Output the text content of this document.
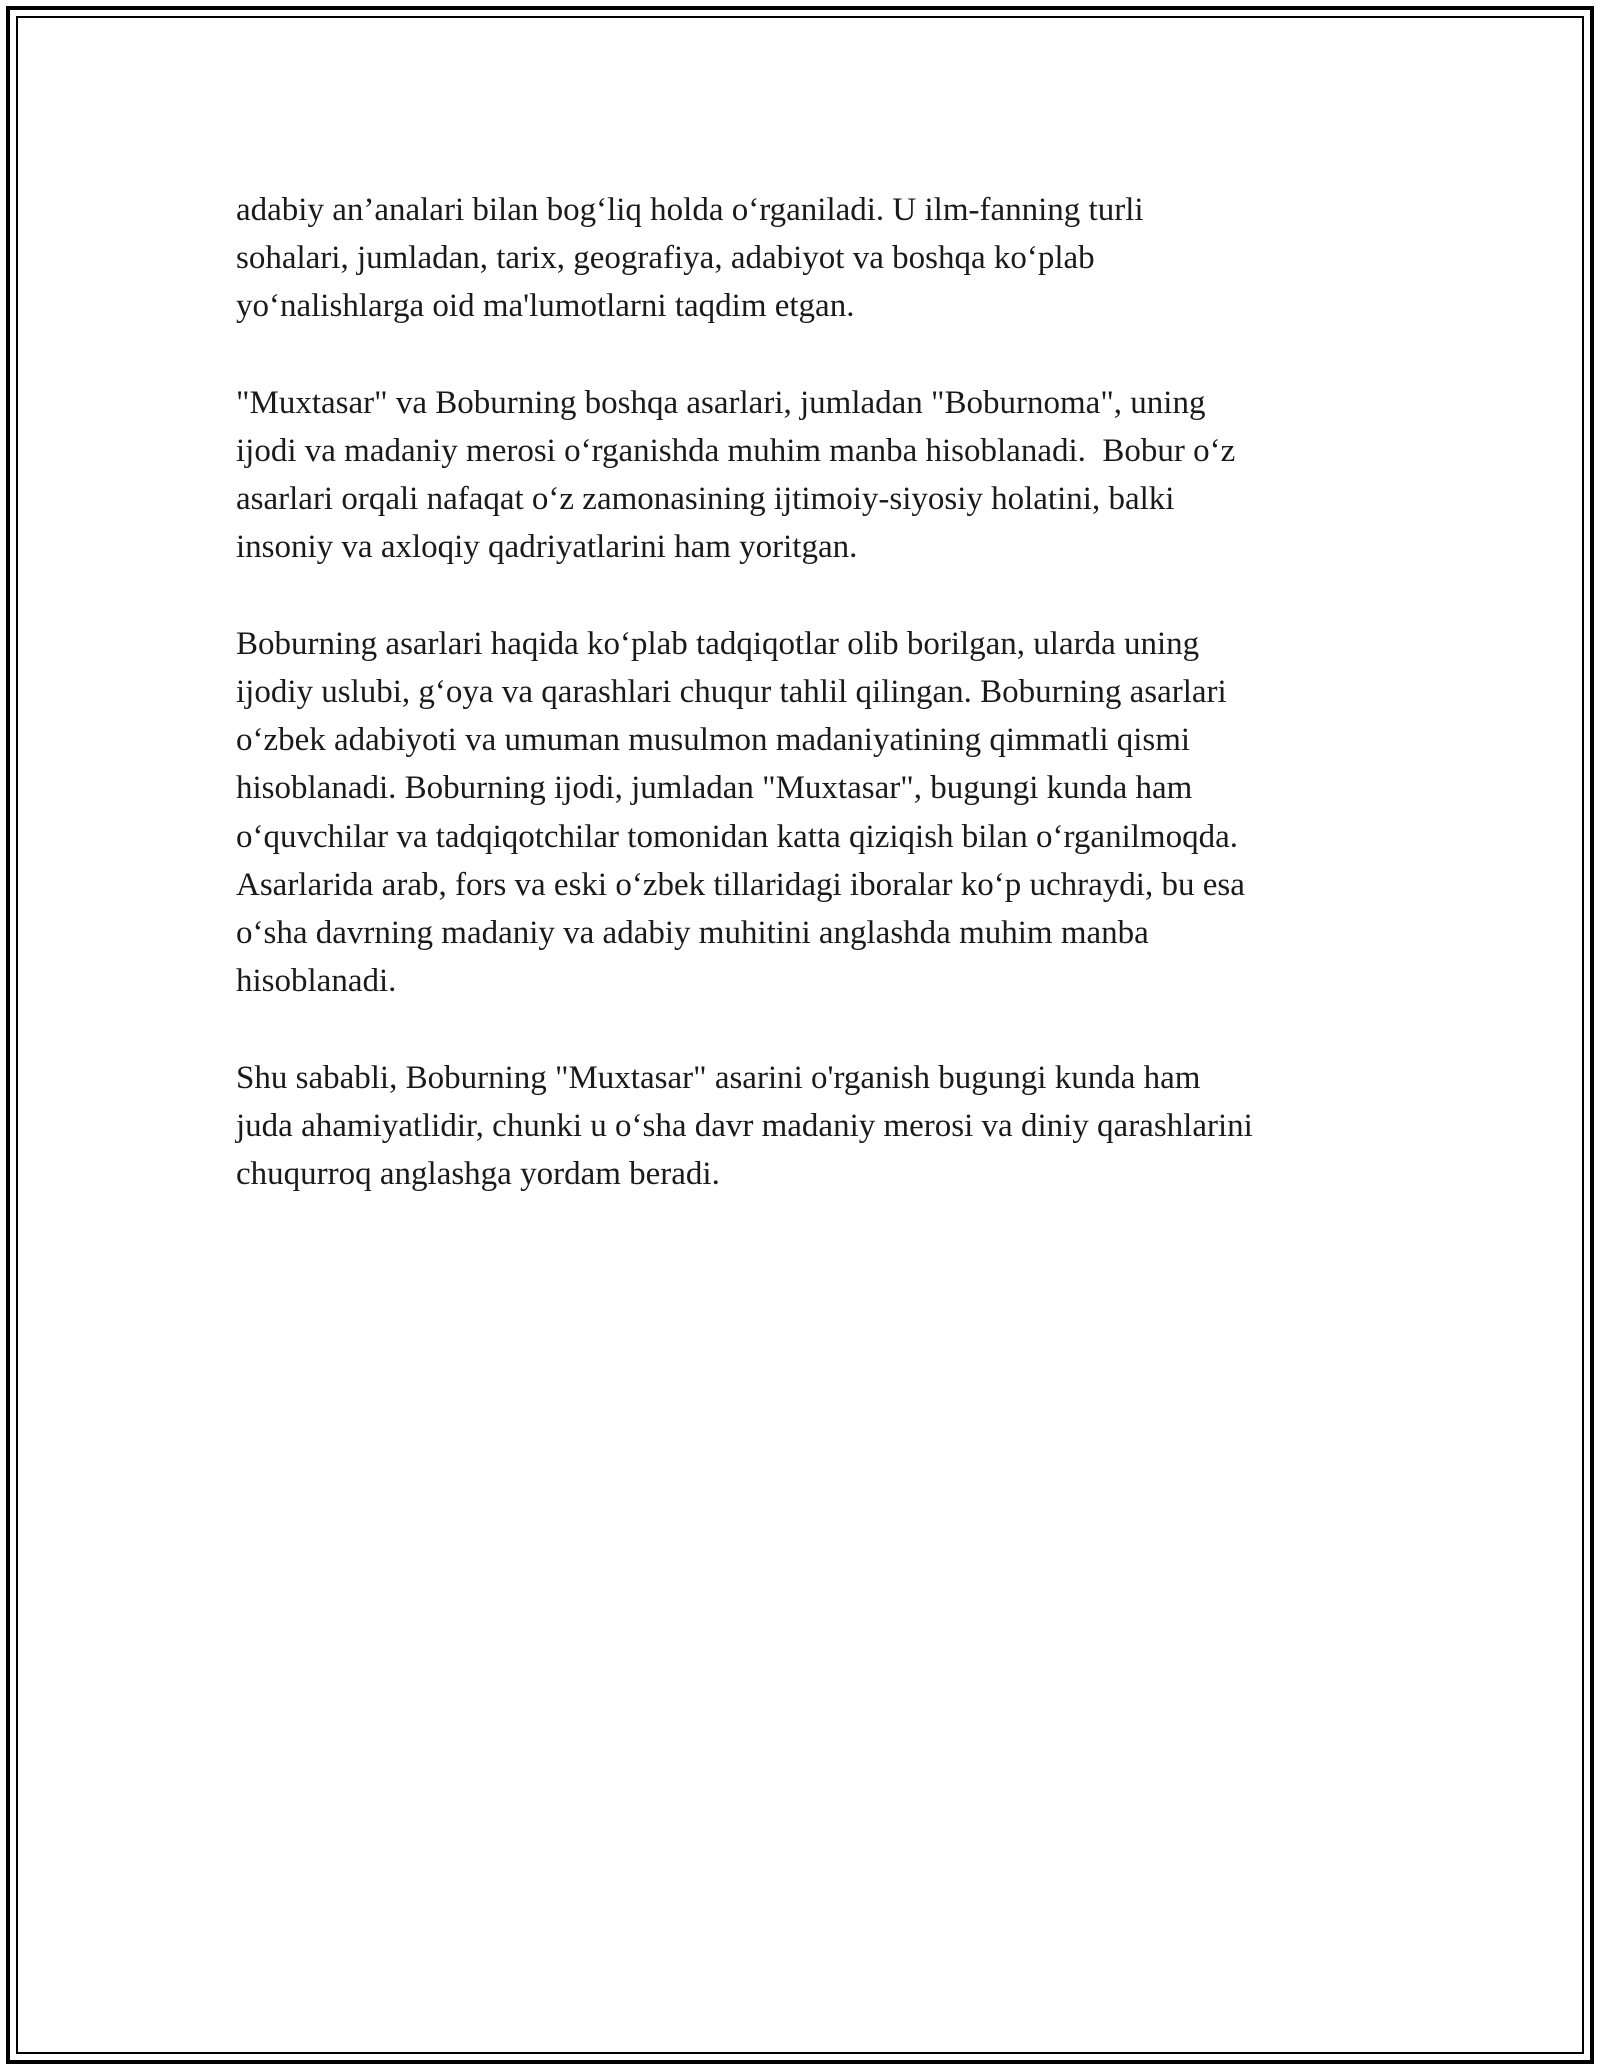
adabiy an’analari bilan bog‘liq holda o‘rganiladi. U ilm-fanning turli
sohalari, jumladan, tarix, geografiya, adabiyot va boshqa ko‘plab
yo‘nalishlarga oid ma'lumotlarni taqdim etgan.

"Muxtasar" va Boburning boshqa asarlari, jumladan "Boburnoma", uning
ijodi va madaniy merosi o‘rganishda muhim manba hisoblanadi.  Bobur o‘z
asarlari orqali nafaqat o‘z zamonasining ijtimoiy-siyosiy holatini, balki
insoniy va axloqiy qadriyatlarini ham yoritgan.

Boburning asarlari haqida ko‘plab tadqiqotlar olib borilgan, ularda uning
ijodiy uslubi, g‘oya va qarashlari chuqur tahlil qilingan. Boburning asarlari
o‘zbek adabiyoti va umuman musulmon madaniyatining qimmatli qismi
hisoblanadi. Boburning ijodi, jumladan "Muxtasar", bugungi kunda ham
o‘quvchilar va tadqiqotchilar tomonidan katta qiziqish bilan o‘rganilmoqda.
Asarlarida arab, fors va eski o‘zbek tillaridagi iboralar ko‘p uchraydi, bu esa
o‘sha davrning madaniy va adabiy muhitini anglashda muhim manba
hisoblanadi.

Shu sababli, Boburning "Muxtasar" asarini o'rganish bugungi kunda ham
juda ahamiyatlidir, chunki u o‘sha davr madaniy merosi va diniy qarashlarini
chuqurroq anglashga yordam beradi.
